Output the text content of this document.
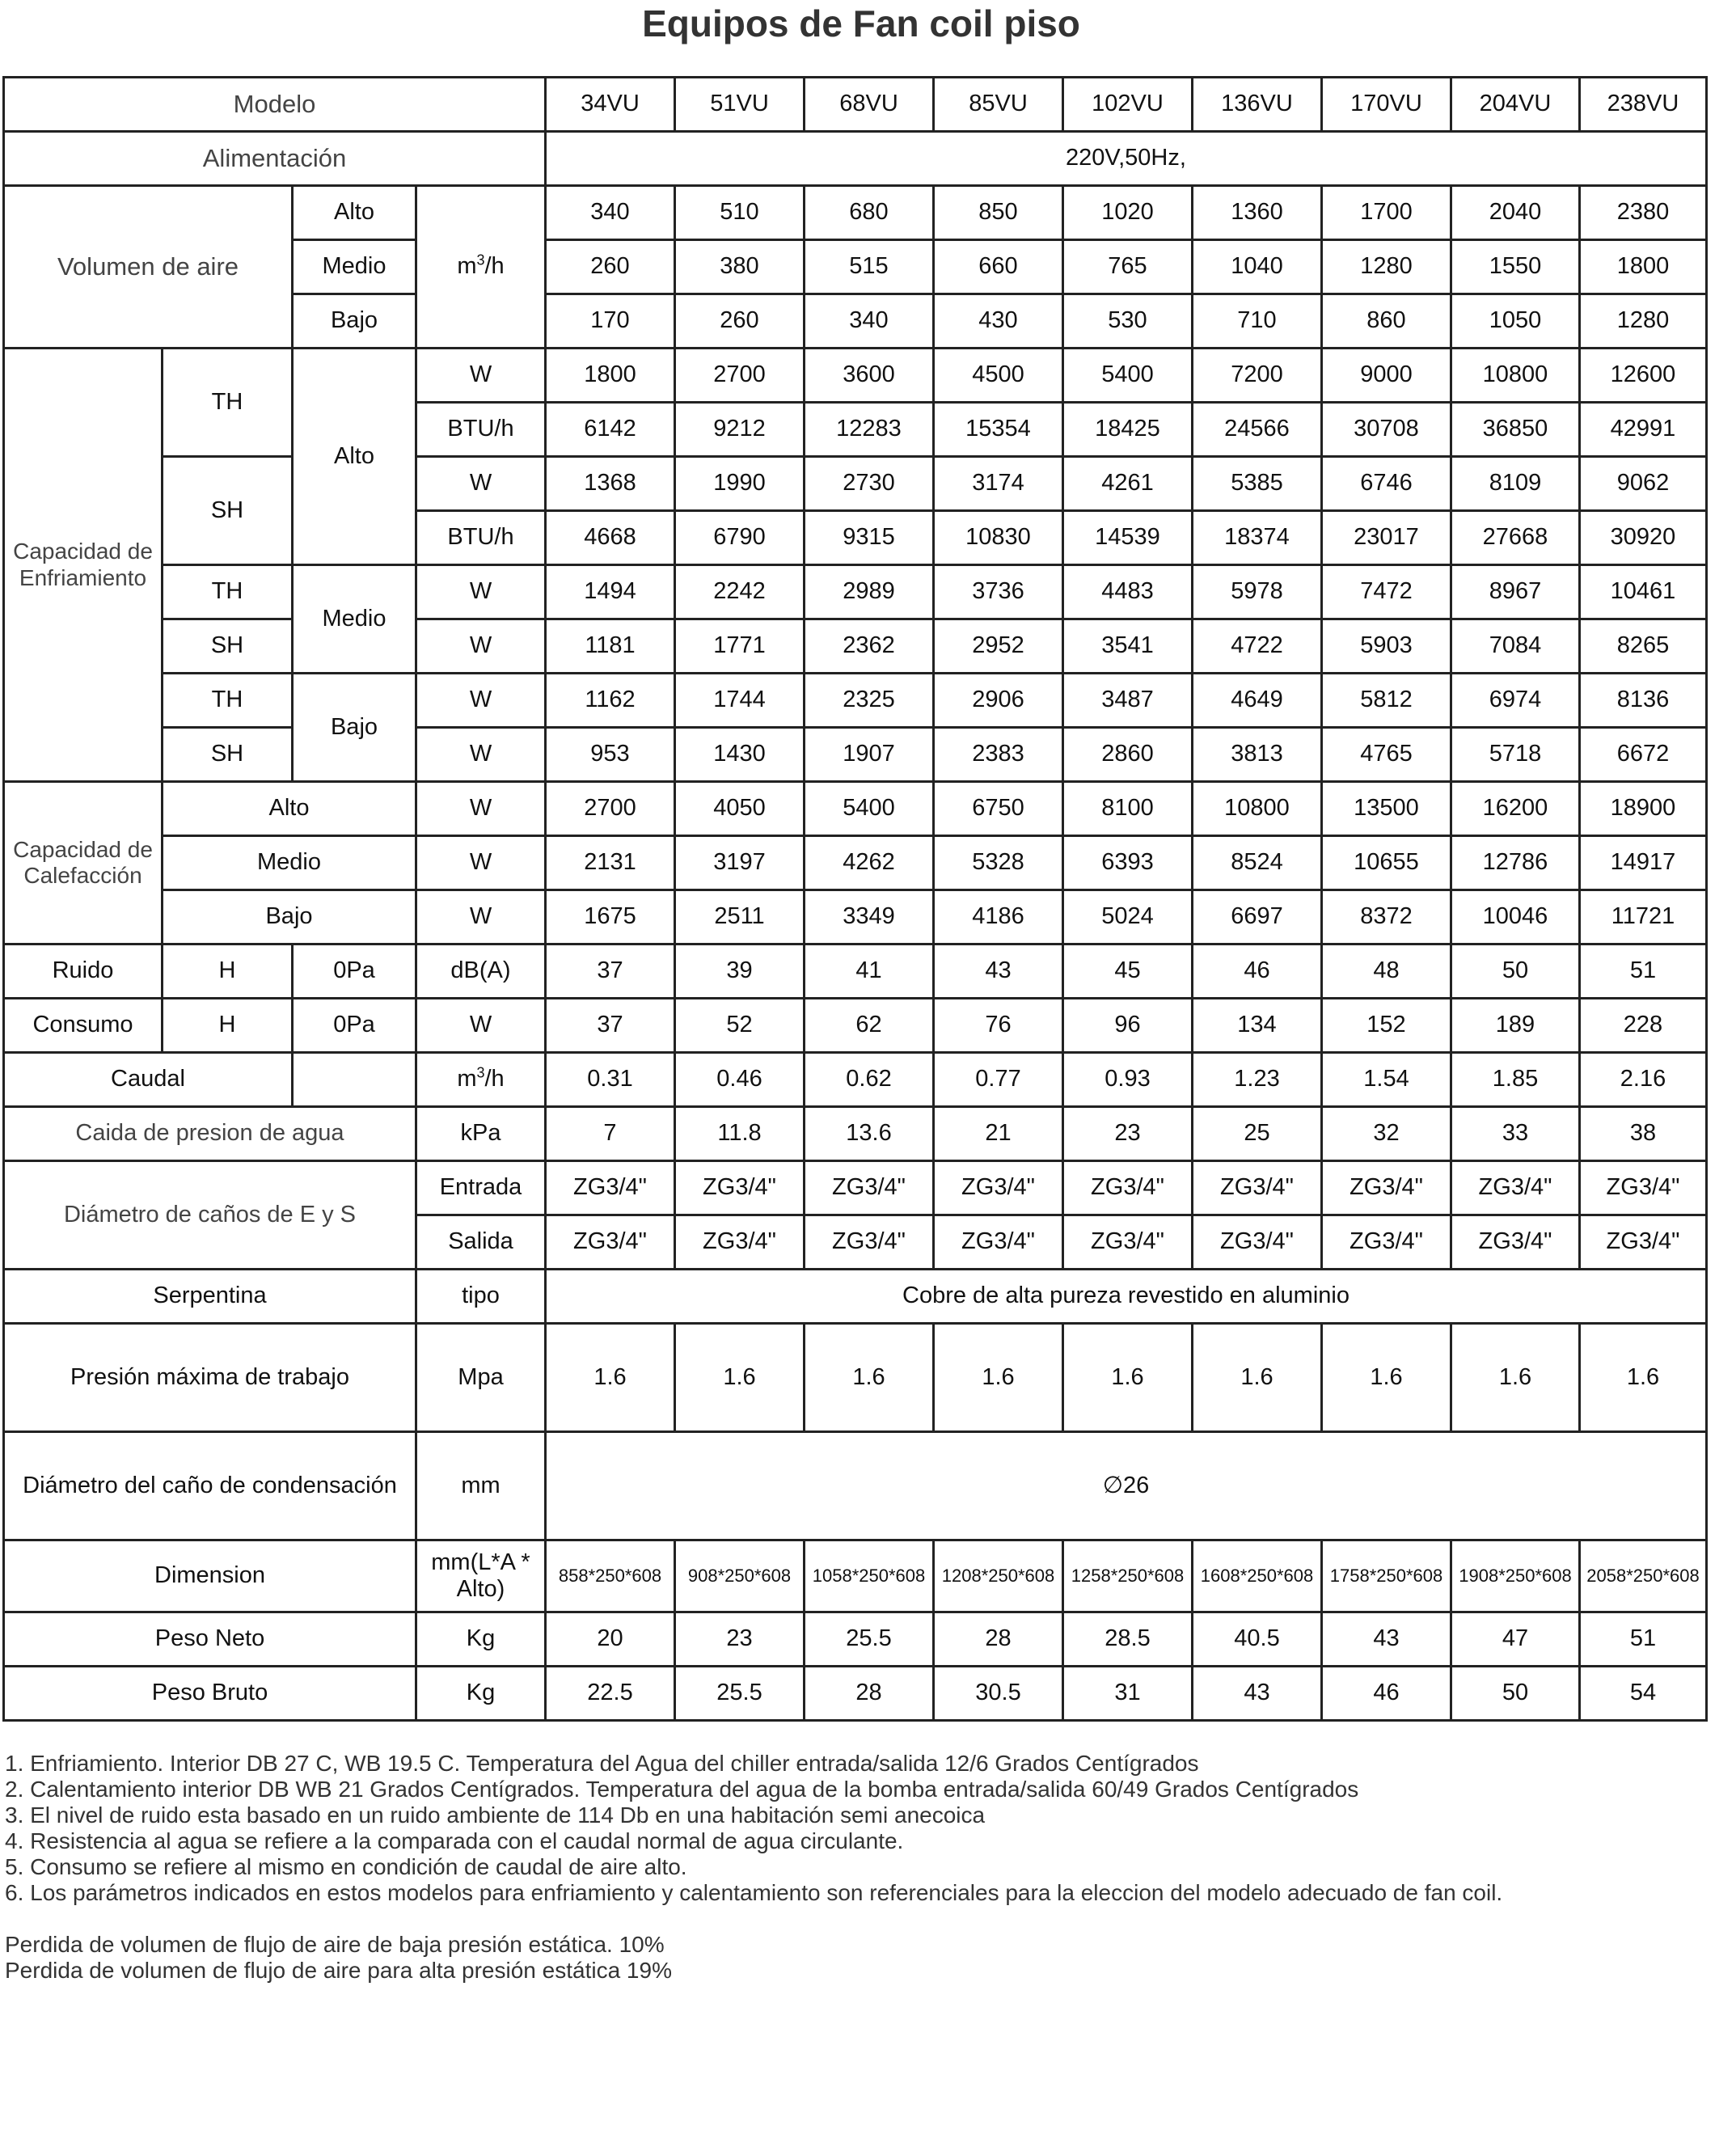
Equipos de Fan coil piso
Modelo				34VU	51VU	68VU	85VU	102VU	136VU	170VU	204VU	238VU
Alimentación				220V,50Hz,								
Volumen de aire		Alto	$m^3/h$	340	510	680	850	1020	1360	1700	2040	2380
		Medio		260	380	515	660	765	1040	1280	1550	1800
		Bajo		170	260	340	430	530	710	860	1050	1280
Capacidad de Enfriamiento	TH	Alto	W	1800	2700	3600	4500	5400	7200	9000	10800	12600
			BTU/h	6142	9212	12283	15354	18425	24566	30708	36850	42991
	SH		W	1368	1990	2730	3174	4261	5385	6746	8109	9062
			BTU/h	4668	6790	9315	10830	14539	18374	23017	27668	30920
	TH	Medio	W	1494	2242	2989	3736	4483	5978	7472	8967	10461
	SH		W	1181	1771	2362	2952	3541	4722	5903	7084	8265
	TH	Bajo	W	1162	1744	2325	2906	3487	4649	5812	6974	8136
	SH		W	953	1430	1907	2383	2860	3813	4765	5718	6672
Capacidad de Calefacción	Alto		W	2700	4050	5400	6750	8100	10800	13500	16200	18900
	Medio		W	2131	3197	4262	5328	6393	8524	10655	12786	14917
	Bajo		W	1675	2511	3349	4186	5024	6697	8372	10046	11721
Ruido	H	0Pa	dB(A)	37	39	41	43	45	46	48	50	51
Consumo	H	0Pa	W	37	52	62	76	96	134	152	189	228
Caudal			$m^3/h$	0.31	0.46	0.62	0.77	0.93	1.23	1.54	1.85	2.16
Caida de presion de agua			kPa	7	11.8	13.6	21	23	25	32	33	38
Diámetro de caños de E y S			Entrada	ZG3/4"	ZG3/4"	ZG3/4"	ZG3/4"	ZG3/4"	ZG3/4"	ZG3/4"	ZG3/4"	ZG3/4"
			Salida	ZG3/4"	ZG3/4"	ZG3/4"	ZG3/4"	ZG3/4"	ZG3/4"	ZG3/4"	ZG3/4"	ZG3/4"
Serpentina			tipo	Cobre de alta pureza revestido en aluminio								
Presión máxima de trabajo			Mpa	1.6	1.6	1.6	1.6	1.6	1.6	1.6	1.6	1.6
Diámetro del caño de condensación			mm	∅26								
Dimension			mm(L*A * Alto)	858*250*608	908*250*608	1058*250*608	1208*250*608	1258*250*608	1608*250*608	1758*250*608	1908*250*608	2058*250*608
Peso Neto			Kg	20	23	25.5	28	28.5	40.5	43	47	51
Peso Bruto			Kg	22.5	25.5	28	30.5	31	43	46	50	54
1. Enfriamiento. Interior DB 27 C, WB 19.5 C. Temperatura del Agua del chiller entrada/salida 12/6 Grados Centígrados
2. Calentamiento interior DB WB 21 Grados Centígrados. Temperatura del agua de la bomba entrada/salida 60/49 Grados Centígrados
3. El nivel de ruido esta basado en un ruido ambiente de 114 Db en una habitación semi anecoica
4. Resistencia al agua se refiere a la comparada con el caudal normal de agua circulante.
5. Consumo se refiere al mismo en condición de caudal de aire alto.
6. Los parámetros indicados en estos modelos para enfriamiento y calentamiento son referenciales para la eleccion del modelo adecuado de fan coil.
Perdida de volumen de flujo de aire de baja presión estática. 10%
Perdida de volumen de flujo de aire para alta presión estática 19%
